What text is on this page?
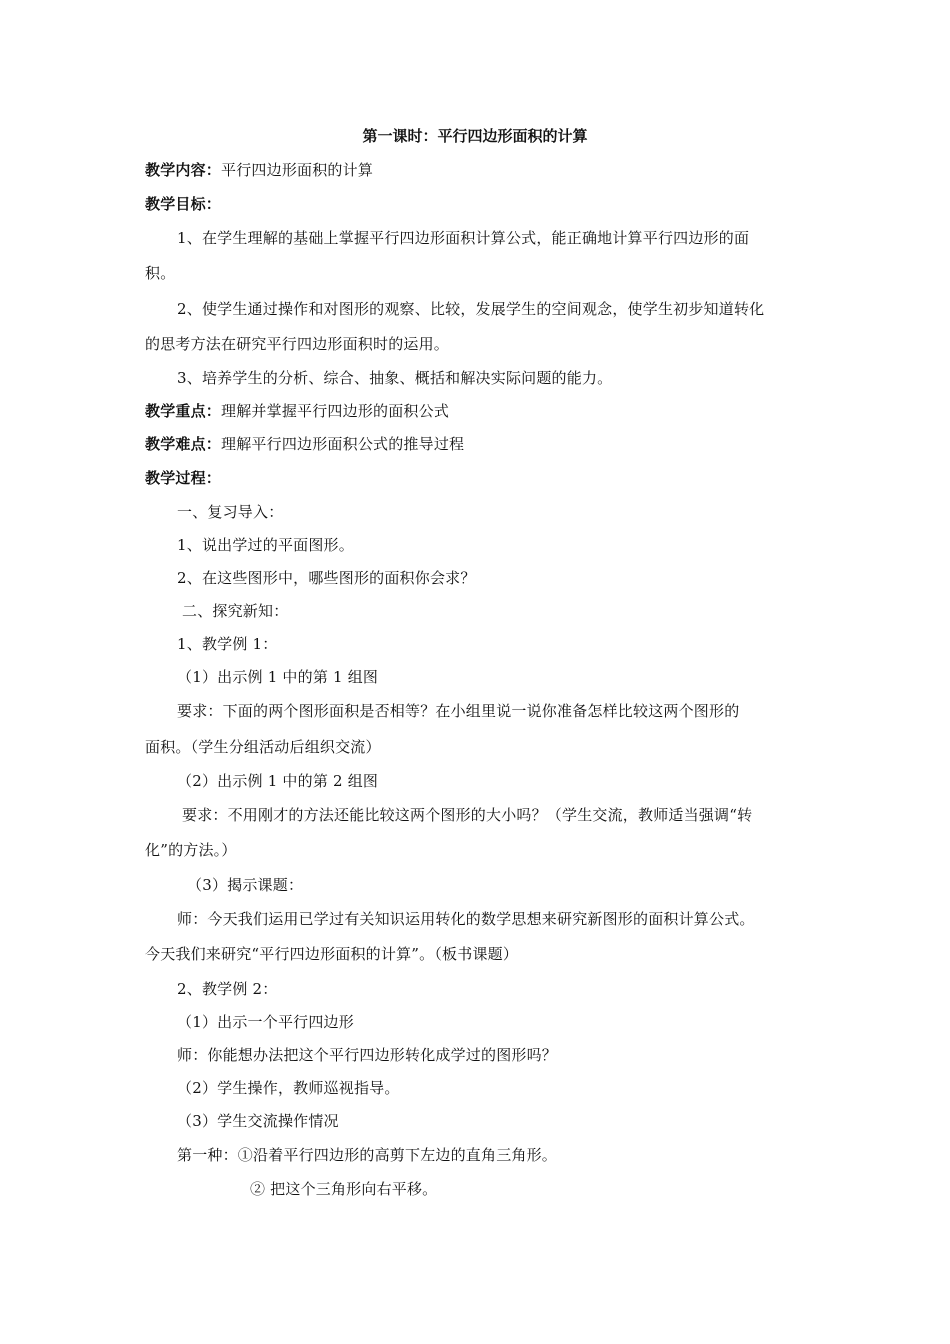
第一课时：平行四边形面积的计算
教学内容：平行四边形面积的计算
教学目标：
1、在学生理解的基础上掌握平行四边形面积计算公式，能正确地计算平行四边形的面
积。
2、使学生通过操作和对图形的观察、比较，发展学生的空间观念，使学生初步知道转化
的思考方法在研究平行四边形面积时的运用。
3、培养学生的分析、综合、抽象、概括和解决实际问题的能力。
教学重点：理解并掌握平行四边形的面积公式
教学难点：理解平行四边形面积公式的推导过程
教学过程：
一、复习导入：
1、说出学过的平面图形。
2、在这些图形中，哪些图形的面积你会求？
二、探究新知：
1、教学例 1：
（1）出示例 1 中的第 1 组图
要求：下面的两个图形面积是否相等？在小组里说一说你准备怎样比较这两个图形的
面积。（学生分组活动后组织交流）
（2）出示例 1 中的第 2 组图
要求：不用刚才的方法还能比较这两个图形的大小吗？（学生交流，教师适当强调“转
化”的方法。）
（3）揭示课题：
师：今天我们运用已学过有关知识运用转化的数学思想来研究新图形的面积计算公式。
今天我们来研究“平行四边形面积的计算”。（板书课题）
2、教学例 2：
（1）出示一个平行四边形
师：你能想办法把这个平行四边形转化成学过的图形吗？
（2）学生操作，教师巡视指导。
（3）学生交流操作情况
第一种：①沿着平行四边形的高剪下左边的直角三角形。
② 把这个三角形向右平移。
